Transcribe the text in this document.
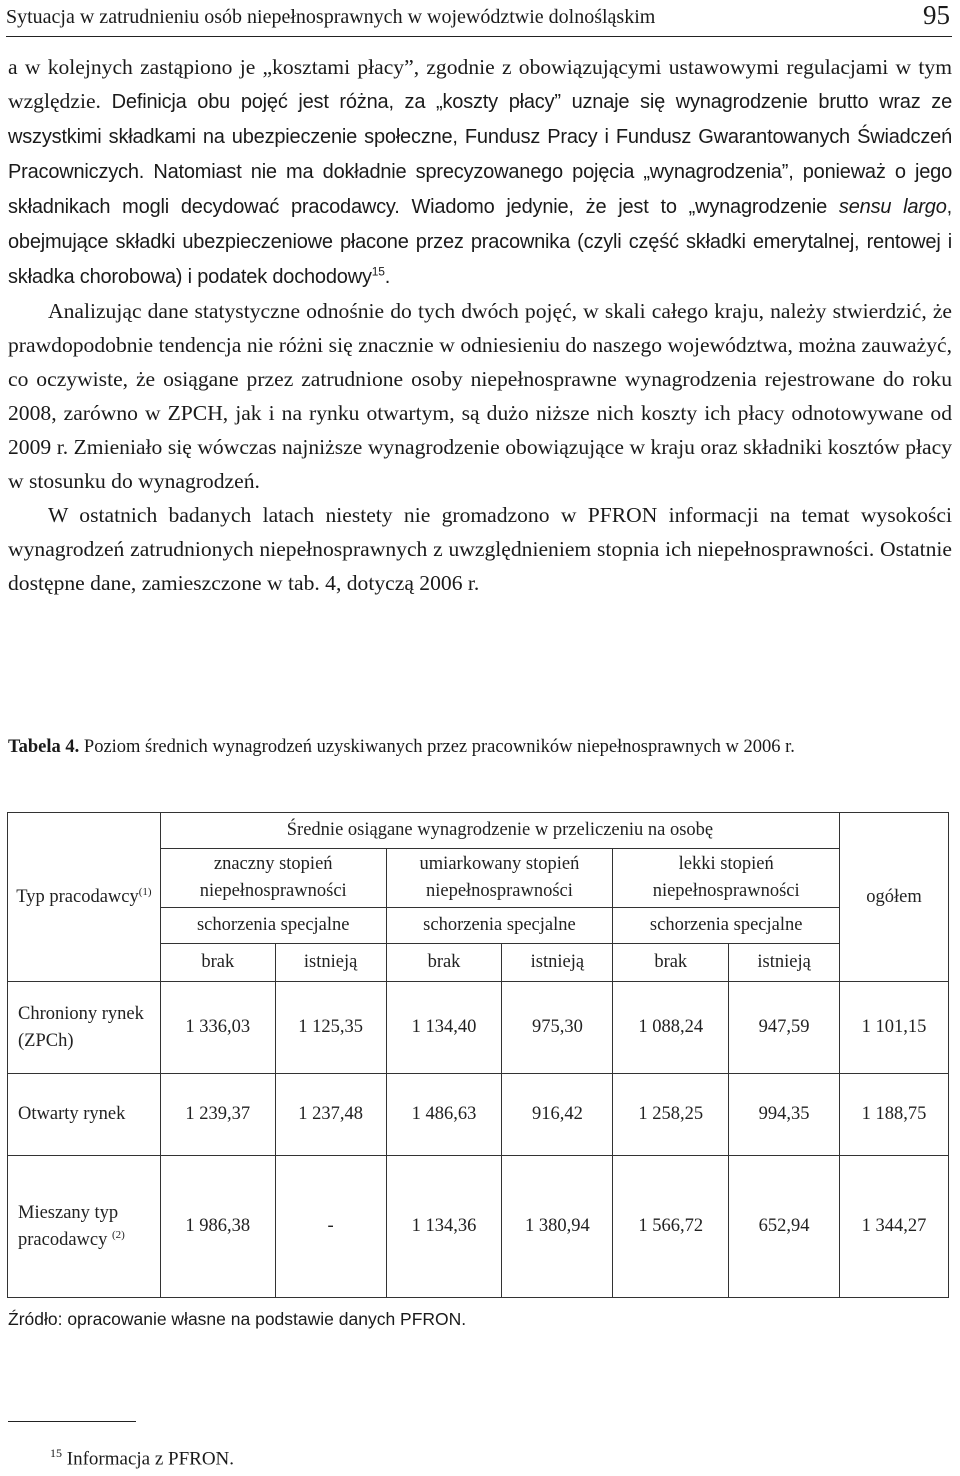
Sytuacja w zatrudnieniu osób niepełnosprawnych w województwie dolnośląskim	95

a w kolejnych zastąpiono je „kosztami płacy”, zgodnie z obowiązującymi ustawowymi regulacjami w tym względzie. Definicja obu pojęć jest różna, za „koszty płacy” uznaje się wynagrodzenie brutto wraz ze wszystkimi składkami na ubezpieczenie społeczne, Fundusz Pracy i Fundusz Gwarantowanych Świadczeń Pracowniczych. Natomiast nie ma dokładnie sprecyzowanego pojęcia „wynagrodzenia”, ponieważ o jego składnikach mogli decydować pracodawcy. Wiadomo jedynie, że jest to „wynagrodzenie sensu largo, obejmujące składki ubezpieczeniowe płacone przez pracownika (czyli część składki emerytalnej, rentowej i składka chorobowa) i podatek dochodowy$^{15}$.

Analizując dane statystyczne odnośnie do tych dwóch pojęć, w skali całego kraju, należy stwierdzić, że prawdopodobnie tendencja nie różni się znacznie w odniesieniu do naszego województwa, można zauważyć, co oczywiste, że osiągane przez zatrudnione osoby niepełnosprawne wynagrodzenia rejestrowane do roku 2008, zarówno w ZPCH, jak i na rynku otwartym, są dużo niższe nich koszty ich płacy odnotowywane od 2009 r. Zmieniało się wówczas najniższe wynagrodzenie obowiązujące w kraju oraz składniki kosztów płacy w stosunku do wynagrodzeń.

W ostatnich badanych latach niestety nie gromadzono w PFRON informacji na temat wysokości wynagrodzeń zatrudnionych niepełnosprawnych z uwzględnieniem stopnia ich niepełnosprawności. Ostatnie dostępne dane, zamieszczone w tab. 4, dotyczą 2006 r.

Tabela 4. Poziom średnich wynagrodzeń uzyskiwanych przez pracowników niepełnosprawnych w 2006 r.
Typ pracodawcy$^{(1)}$	Średnie osiągane wynagrodzenie w przeliczeniu na osobę						ogółem
	znaczny stopień niepełnosprawności		umiarkowany stopień niepełnosprawności		lekki stopień niepełnosprawności		
	schorzenia specjalne		schorzenia specjalne		schorzenia specjalne		
	brak	istnieją	brak	istnieją	brak	istnieją	
Chroniony rynek (ZPCh)	1 336,03	1 125,35	1 134,40	975,30	1 088,24	947,59	1 101,15
Otwarty rynek	1 239,37	1 237,48	1 486,63	916,42	1 258,25	994,35	1 188,75
Mieszany typ pracodawcy $^{(2)}$	1 986,38	-	1 134,36	1 380,94	1 566,72	652,94	1 344,27
Źródło: opracowanie własne na podstawie danych PFRON.
$^{15}$ Informacja z PFRON.
